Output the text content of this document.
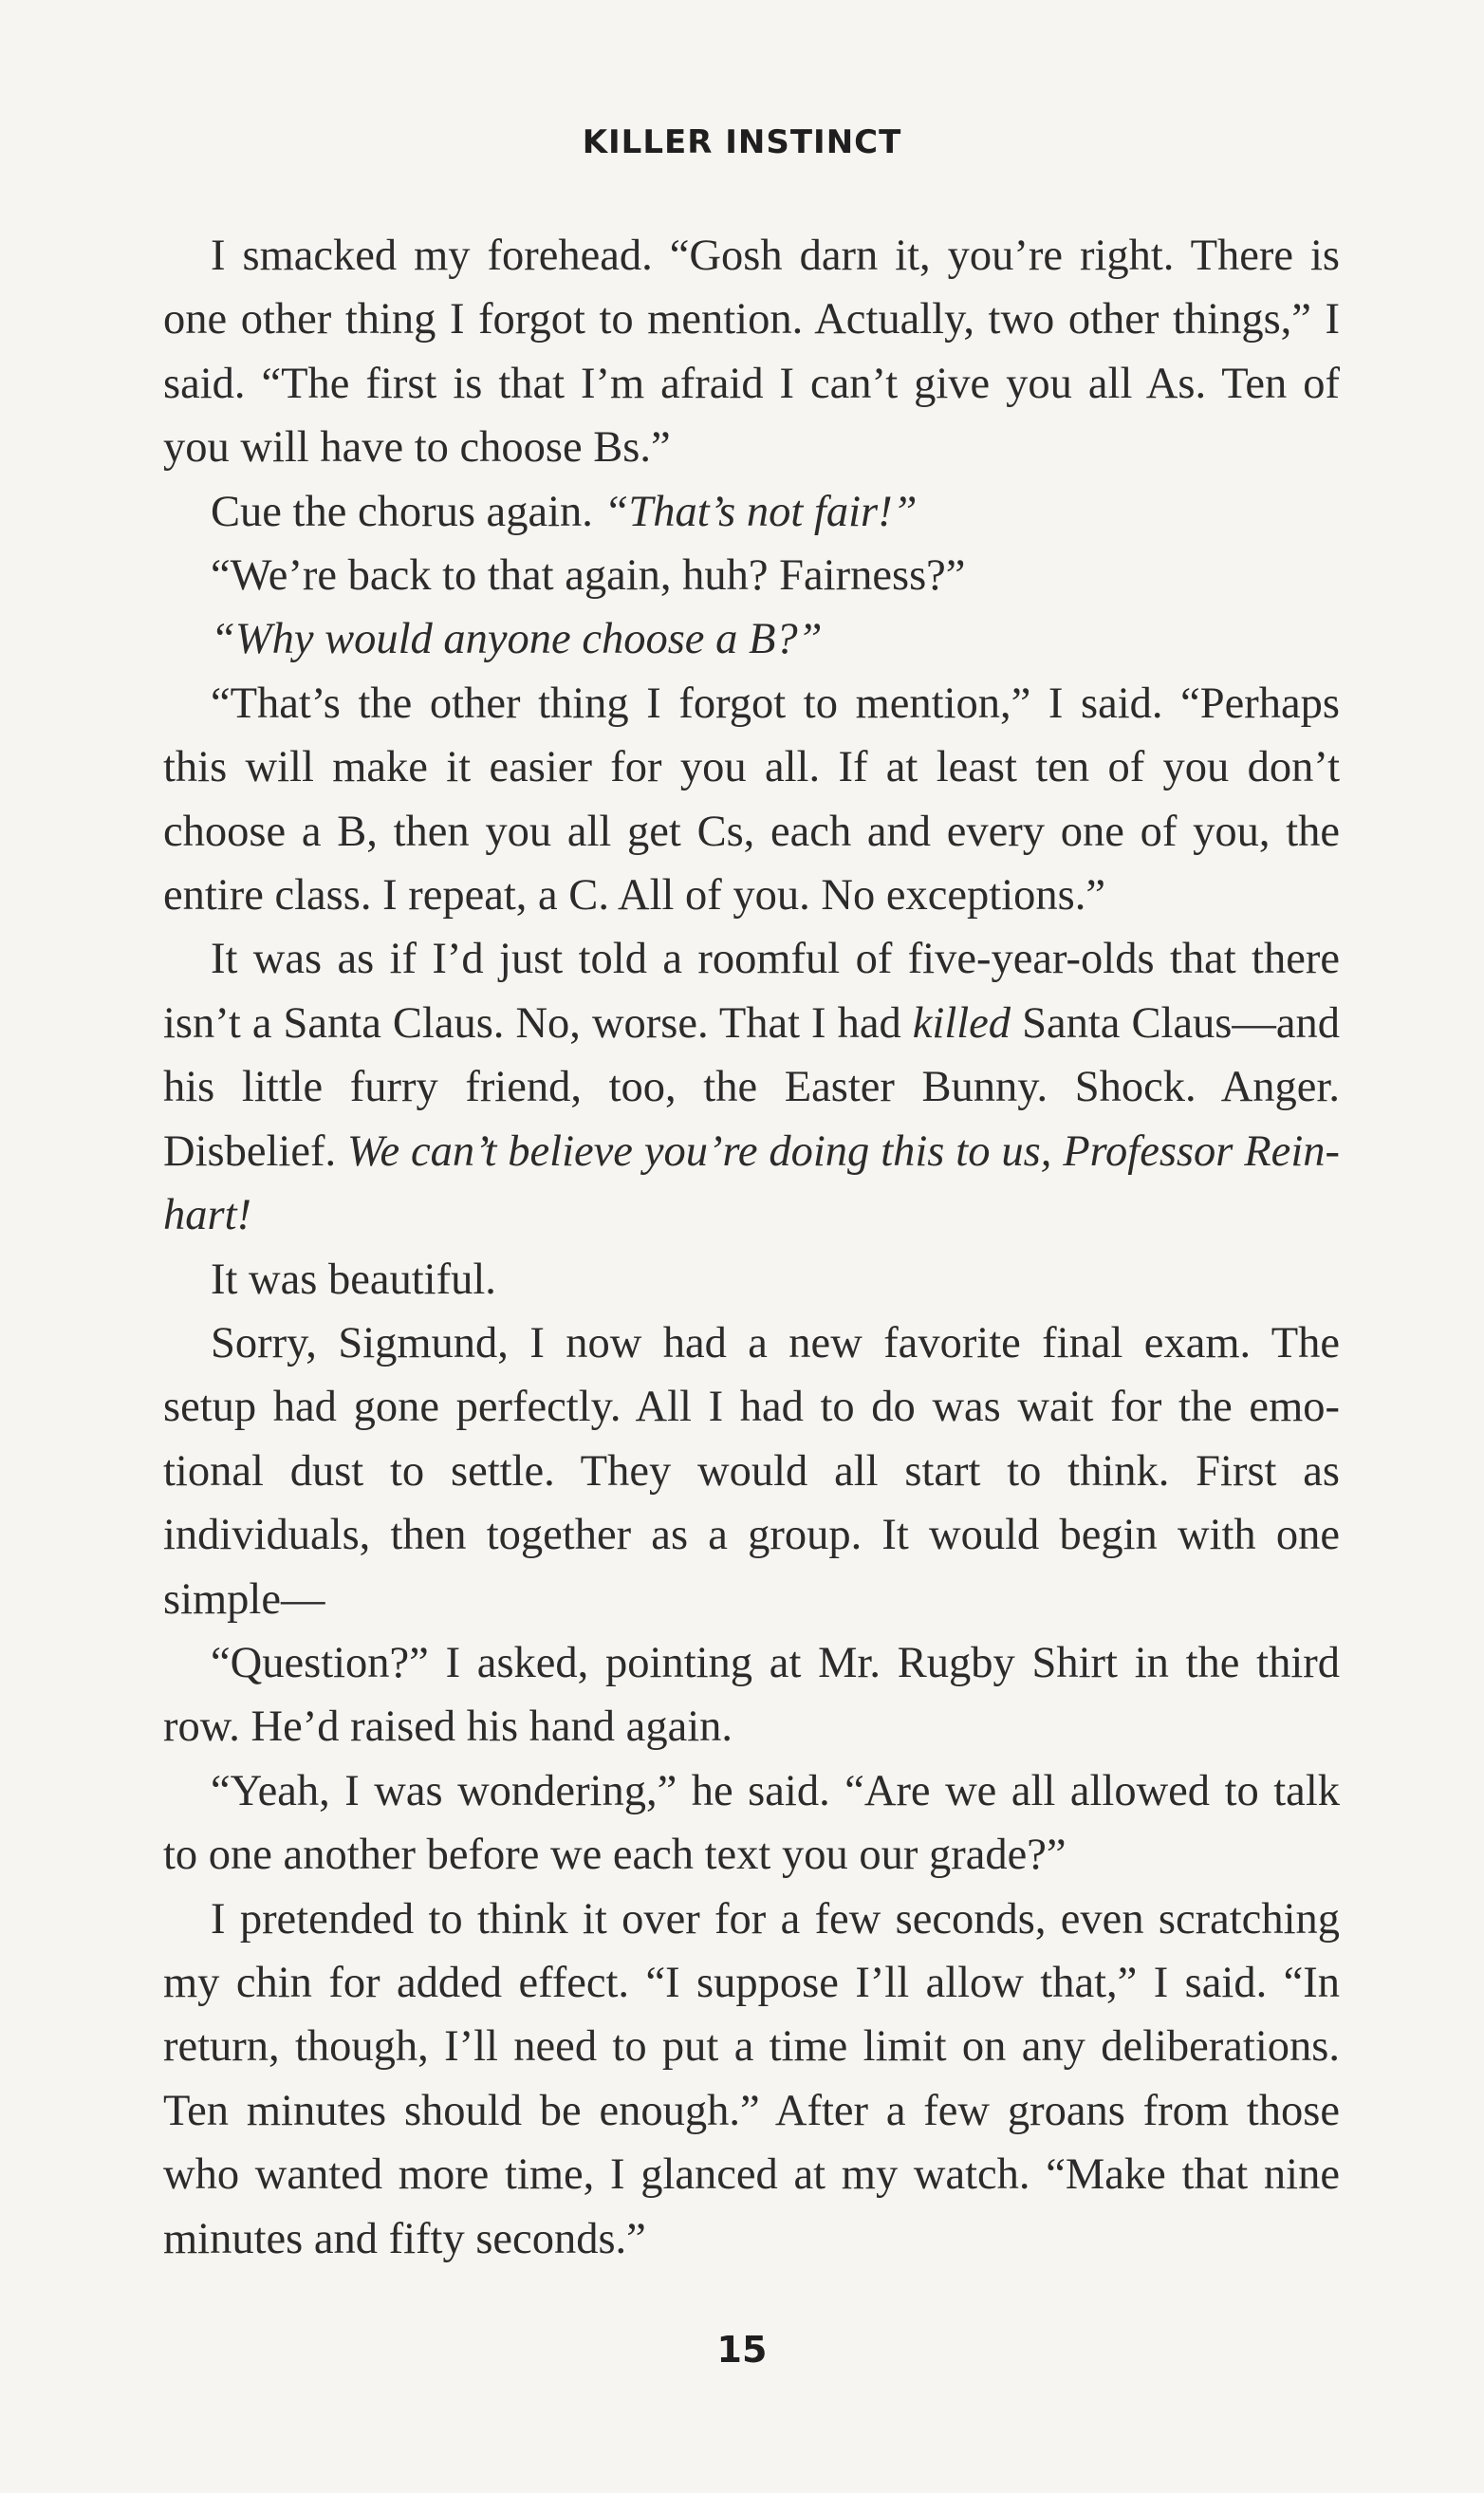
KILLER INSTINCT

I smacked my forehead. “Gosh darn it, you’re right. There is one other thing I forgot to mention. Actually, two other things,” I said. “The first is that I’m afraid I can’t give you all As. Ten of you will have to choose Bs.”

Cue the chorus again. “That’s not fair!”

“We’re back to that again, huh? Fairness?”

“Why would anyone choose a B?”

“That’s the other thing I forgot to mention,” I said. “Perhaps this will make it easier for you all. If at least ten of you don’t choose a B, then you all get Cs, each and every one of you, the entire class. I repeat, a C. All of you. No exceptions.”

It was as if I’d just told a roomful of five-year-olds that there isn’t a Santa Claus. No, worse. That I had killed Santa Claus—and his little furry friend, too, the Easter Bunny. Shock. Anger. Disbelief. We can’t believe you’re doing this to us, Professor Reinhart!

It was beautiful.

Sorry, Sigmund, I now had a new favorite final exam. The setup had gone perfectly. All I had to do was wait for the emotional dust to settle. They would all start to think. First as individuals, then together as a group. It would begin with one simple—

“Question?” I asked, pointing at Mr. Rugby Shirt in the third row. He’d raised his hand again.

“Yeah, I was wondering,” he said. “Are we all allowed to talk to one another before we each text you our grade?”

I pretended to think it over for a few seconds, even scratching my chin for added effect. “I suppose I’ll allow that,” I said. “In return, though, I’ll need to put a time limit on any deliberations. Ten minutes should be enough.” After a few groans from those who wanted more time, I glanced at my watch. “Make that nine minutes and fifty seconds.”

15
